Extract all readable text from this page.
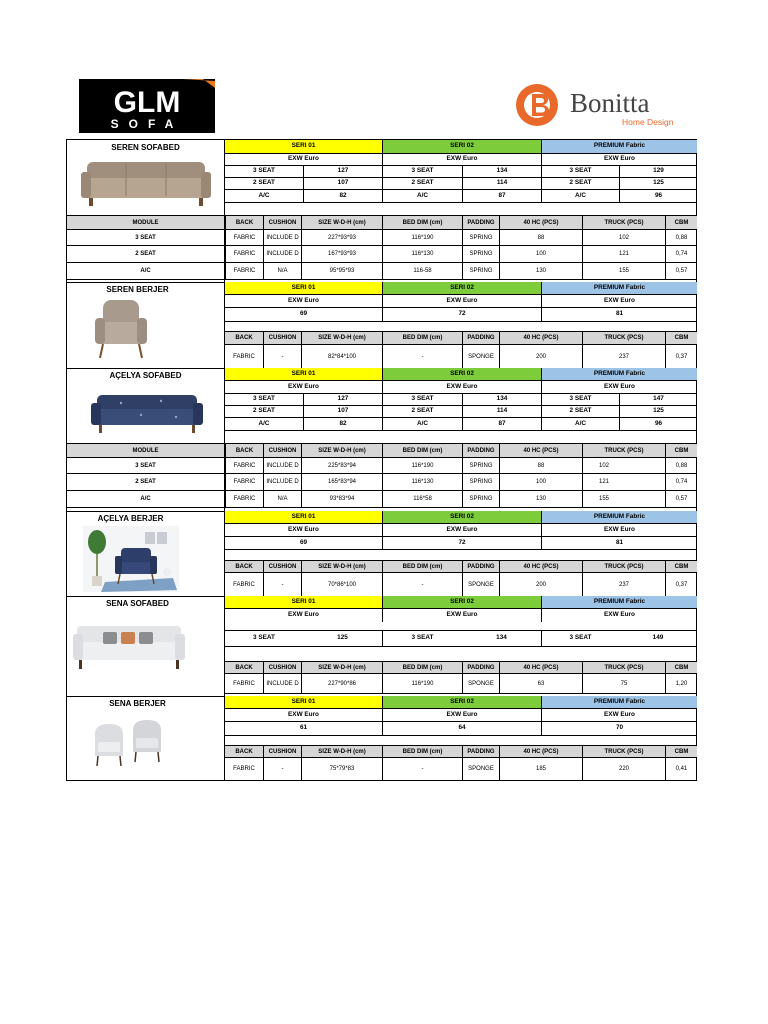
GLM
SOFA
Bonitta
Home Design
SEREN SOFABED	SERI 01	SERI 02	PREMIUM Fabric
EXW Euro	EXW Euro	EXW Euro
3 SEAT	127	3 SEAT	134	3 SEAT	129
2 SEAT	107	2 SEAT	114	2 SEAT	125
A/C	82	A/C	87	A/C	96
MODULE	BACK	CUSHION	SIZE W-D-H (cm)	BED DIM (cm)	PADDING	40 HC (PCS)	TRUCK (PCS)	CBM
3 SEAT	FABRIC	INCLUDE D	227*93*93	116*190	SPRING	88	102	0,88
2 SEAT	FABRIC	INCLUDE D	167*93*93	116*130	SPRING	100	121	0,74
A/C	FABRIC	N/A	95*95*93	116-58	SPRING	130	155	0,57
SEREN BERJER	SERI 01	SERI 02	PREMIUM Fabric
EXW Euro	EXW Euro	EXW Euro
69	72	81
BACK	CUSHION	SIZE W-D-H (cm)	BED DIM (cm)	PADDING	40 HC (PCS)	TRUCK (PCS)	CBM
FABRIC	-	82*84*100	-	SPONGE	200	237	0,37
AÇELYA SOFABED	SERI 01	SERI 02	PREMIUM Fabric
EXW Euro	EXW Euro	EXW Euro
3 SEAT	127	3 SEAT	134	3 SEAT	147
2 SEAT	107	2 SEAT	114	2 SEAT	125
A/C	82	A/C	87	A/C	96
MODULE	BACK	CUSHION	SIZE W-D-H (cm)	BED DIM (cm)	PADDING	40 HC (PCS)	TRUCK (PCS)	CBM
3 SEAT	FABRIC	INCLUDE D	225*83*94	116*190	SPRING	88	102	0,88
2 SEAT	FABRIC	INCLUDE D	165*83*94	116*130	SPRING	100	121	0,74
A/C	FABRIC	N/A	93*83*94	116*58	SPRING	130	155	0,57
AÇELYA BERJER	SERI 01	SERI 02	PREMIUM Fabric
EXW Euro	EXW Euro	EXW Euro
69	72	81
BACK	CUSHION	SIZE W-D-H (cm)	BED DIM (cm)	PADDING	40 HC (PCS)	TRUCK (PCS)	CBM
FABRIC	-	70*86*100	-	SPONGE	200	237	0,37
SENA SOFABED	SERI 01	SERI 02	PREMIUM Fabric
EXW Euro	EXW Euro	EXW Euro
3 SEAT	125	3 SEAT	134	3 SEAT	149
BACK	CUSHION	SIZE W-D-H (cm)	BED DIM (cm)	PADDING	40 HC (PCS)	TRUCK (PCS)	CBM
FABRIC	INCLUDE D	227*90*86	116*190	SPONGE	63	75	1,20
SENA BERJER	SERI 01	SERI 02	PREMIUM Fabric
EXW Euro	EXW Euro	EXW Euro
61	64	70
BACK	CUSHION	SIZE W-D-H (cm)	BED DIM (cm)	PADDING	40 HC (PCS)	TRUCK (PCS)	CBM
FABRIC	-	75*79*83	-	SPONGE	185	220	0,41
